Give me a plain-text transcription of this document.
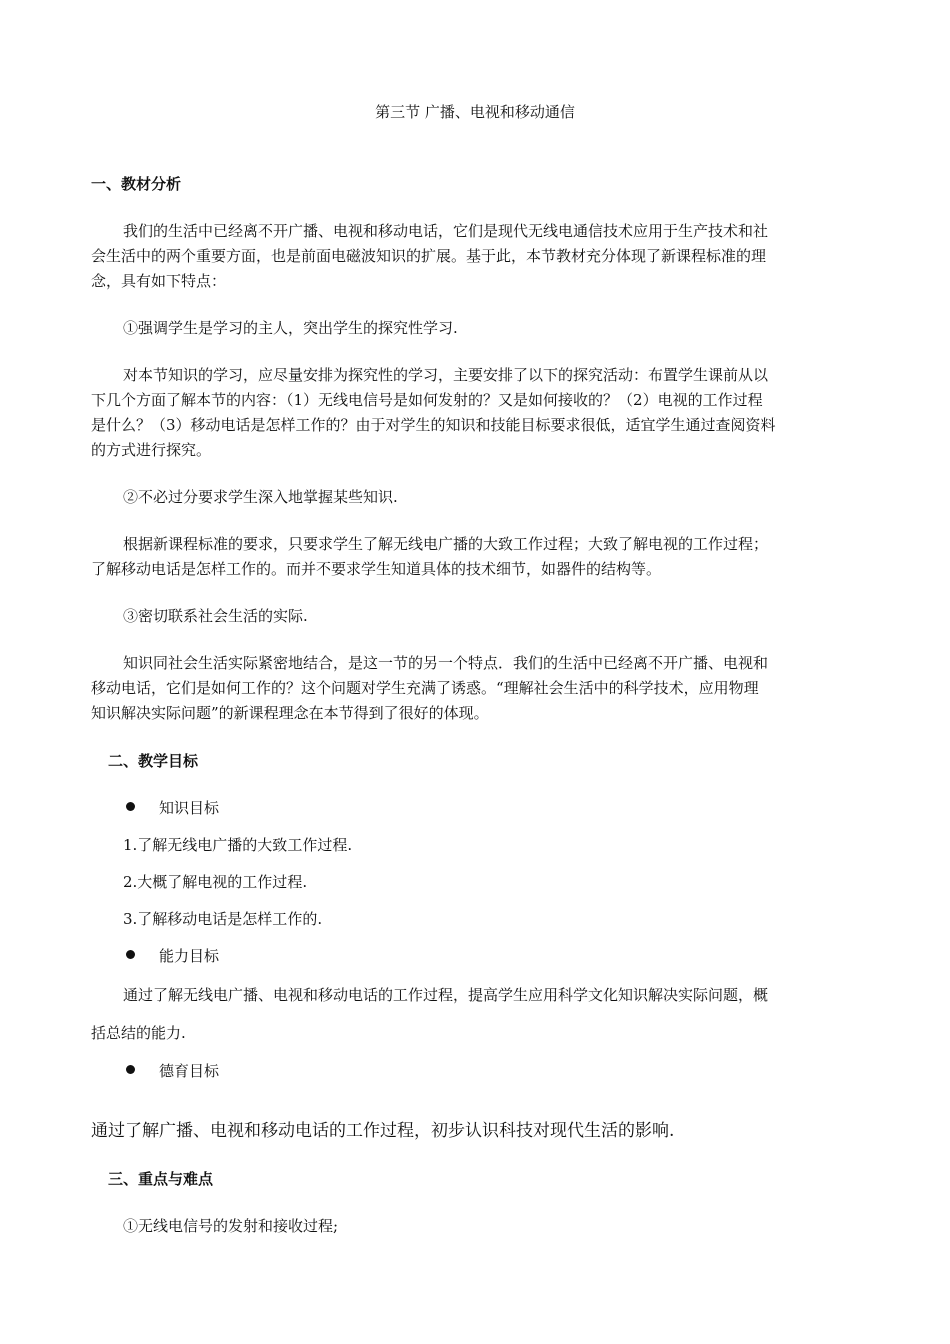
第三节 广播、电视和移动通信
一、教材分析
我们的生活中已经离不开广播、电视和移动电话，它们是现代无线电通信技术应用于生产技术和社
会生活中的两个重要方面，也是前面电磁波知识的扩展。基于此，本节教材充分体现了新课程标准的理
念，具有如下特点：
①强调学生是学习的主人，突出学生的探究性学习.
对本节知识的学习，应尽量安排为探究性的学习，主要安排了以下的探究活动：布置学生课前从以
下几个方面了解本节的内容：（1）无线电信号是如何发射的？又是如何接收的？（2）电视的工作过程
是什么？（3）移动电话是怎样工作的？由于对学生的知识和技能目标要求很低，适宜学生通过查阅资料
的方式进行探究。
②不必过分要求学生深入地掌握某些知识.
根据新课程标准的要求，只要求学生了解无线电广播的大致工作过程；大致了解电视的工作过程；
了解移动电话是怎样工作的。而并不要求学生知道具体的技术细节，如器件的结构等。
③密切联系社会生活的实际.
知识同社会生活实际紧密地结合，是这一节的另一个特点．我们的生活中已经离不开广播、电视和
移动电话，它们是如何工作的？这个问题对学生充满了诱惑。“理解社会生活中的科学技术，应用物理
知识解决实际问题”的新课程理念在本节得到了很好的体现。
二、教学目标
知识目标
1.了解无线电广播的大致工作过程.
2.大概了解电视的工作过程.
3.了解移动电话是怎样工作的.
能力目标
通过了解无线电广播、电视和移动电话的工作过程，提高学生应用科学文化知识解决实际问题，概
括总结的能力.
德育目标
通过了解广播、电视和移动电话的工作过程，初步认识科技对现代生活的影响.
三、重点与难点
①无线电信号的发射和接收过程;
